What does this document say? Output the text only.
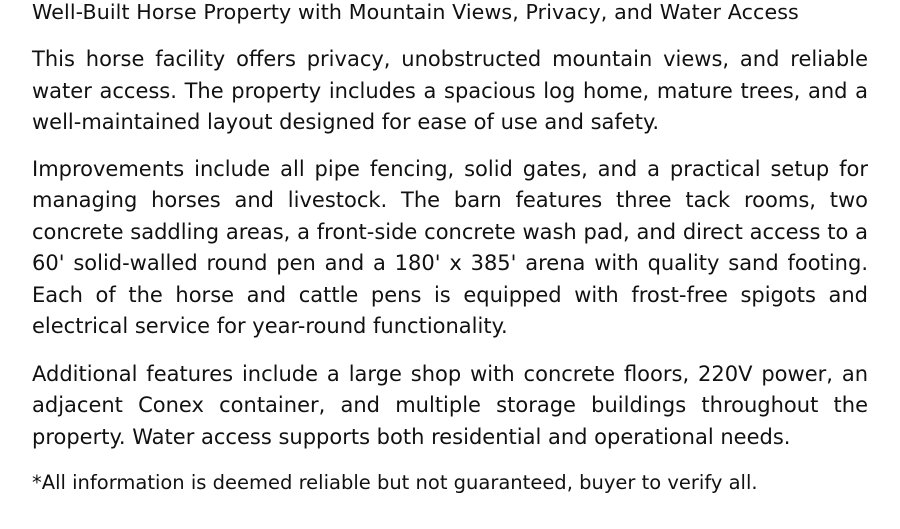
Well-Built Horse Property with Mountain Views, Privacy, and Water Access

This horse facility offers privacy, unobstructed mountain views, and reliable water access. The property includes a spacious log home, mature trees, and a well-maintained layout designed for ease of use and safety.

Improvements include all pipe fencing, solid gates, and a practical setup for managing horses and livestock. The barn features three tack rooms, two concrete saddling areas, a front-side concrete wash pad, and direct access to a 60' solid-walled round pen and a 180' x 385' arena with quality sand footing. Each of the horse and cattle pens is equipped with frost-free spigots and electrical service for year-round functionality.

Additional features include a large shop with concrete floors, 220V power, an adjacent Conex container, and multiple storage buildings throughout the property. Water access supports both residential and operational needs.

*All information is deemed reliable but not guaranteed, buyer to verify all.
